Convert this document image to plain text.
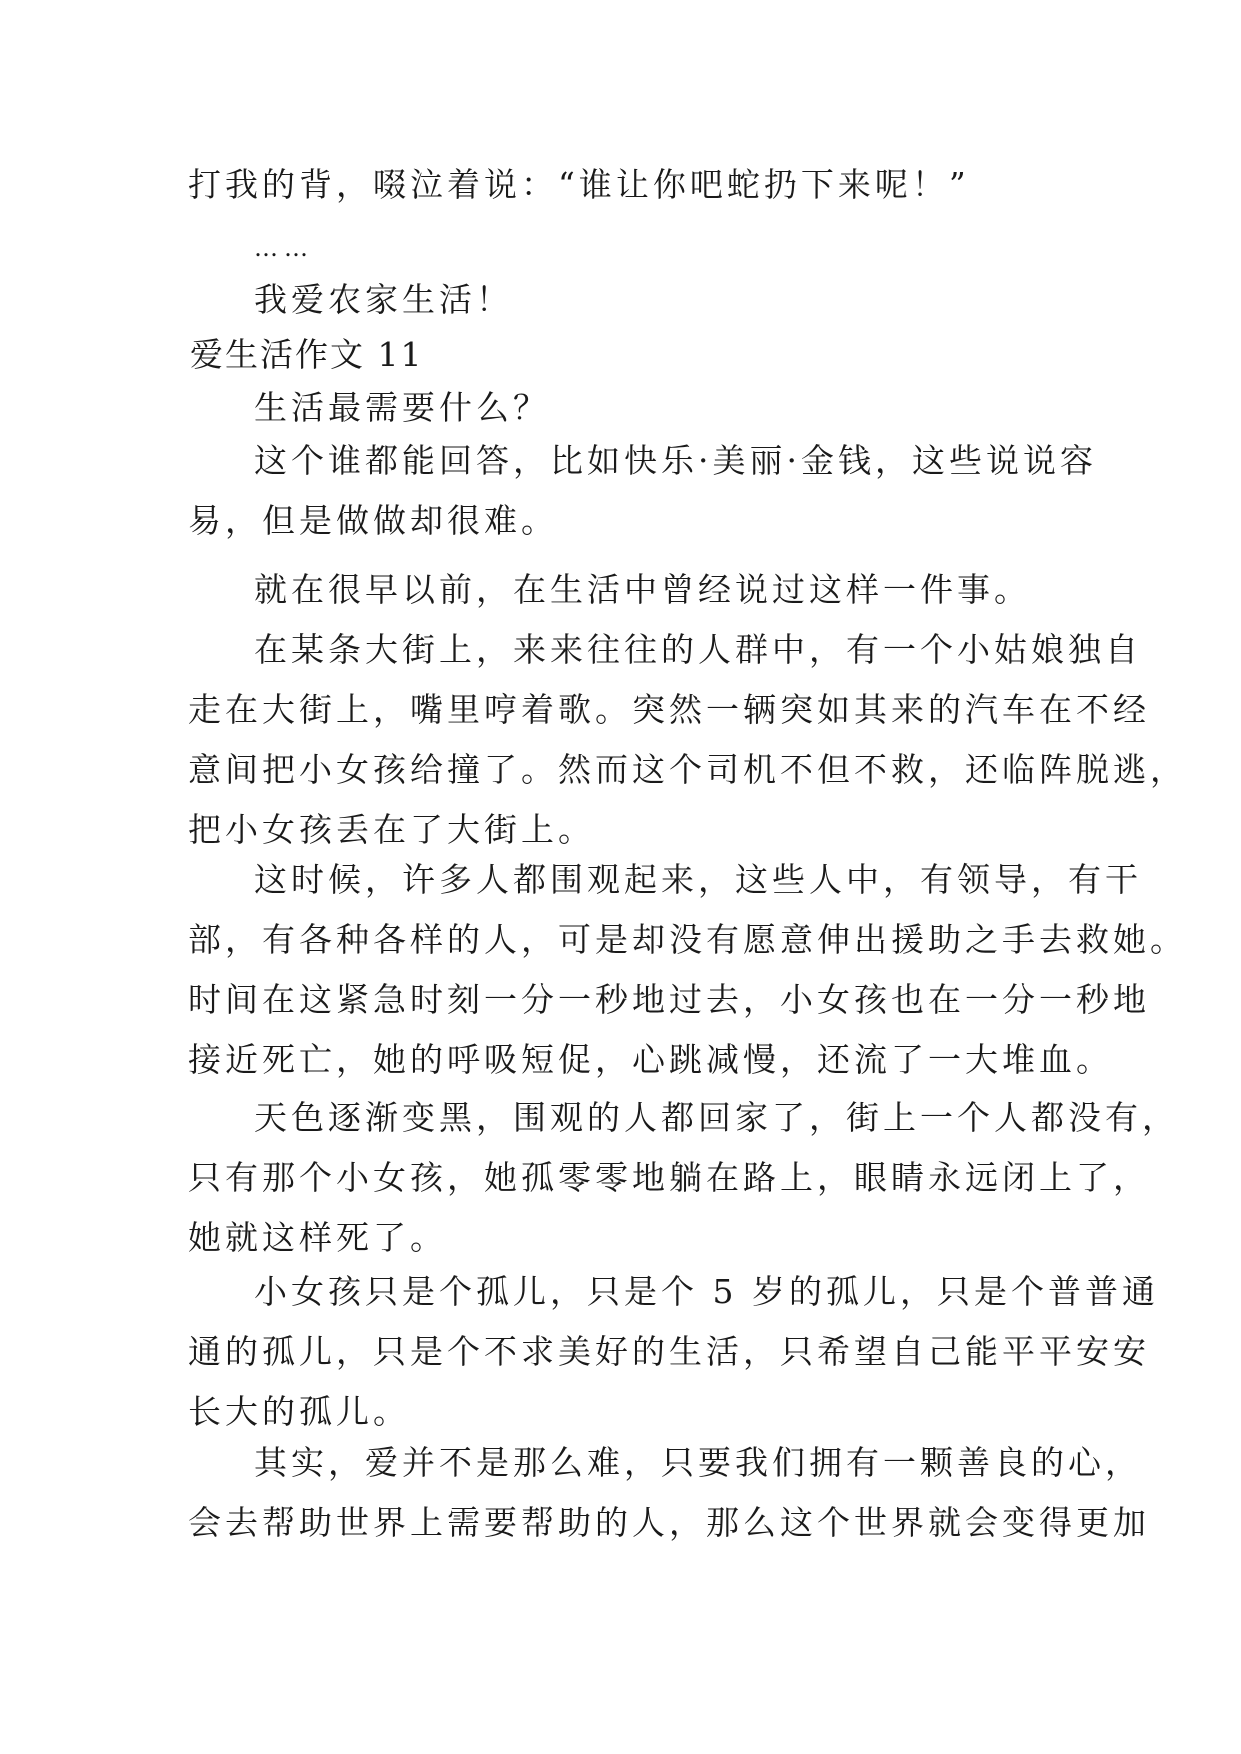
打我的背，啜泣着说：“谁让你吧蛇扔下来呢！”
……
我爱农家生活！
爱生活作文 11
生活最需要什么？
这个谁都能回答，比如快乐·美丽·金钱，这些说说容
易，但是做做却很难。
就在很早以前，在生活中曾经说过这样一件事。
在某条大街上，来来往往的人群中，有一个小姑娘独自
走在大街上，嘴里哼着歌。突然一辆突如其来的汽车在不经
意间把小女孩给撞了。然而这个司机不但不救，还临阵脱逃，
把小女孩丢在了大街上。
这时候，许多人都围观起来，这些人中，有领导，有干
部，有各种各样的人，可是却没有愿意伸出援助之手去救她。
时间在这紧急时刻一分一秒地过去，小女孩也在一分一秒地
接近死亡，她的呼吸短促，心跳减慢，还流了一大堆血。
天色逐渐变黑，围观的人都回家了，街上一个人都没有，
只有那个小女孩，她孤零零地躺在路上，眼睛永远闭上了，
她就这样死了。
小女孩只是个孤儿，只是个 5 岁的孤儿，只是个普普通
通的孤儿，只是个不求美好的生活，只希望自己能平平安安
长大的孤儿。
其实，爱并不是那么难，只要我们拥有一颗善良的心，
会去帮助世界上需要帮助的人，那么这个世界就会变得更加
